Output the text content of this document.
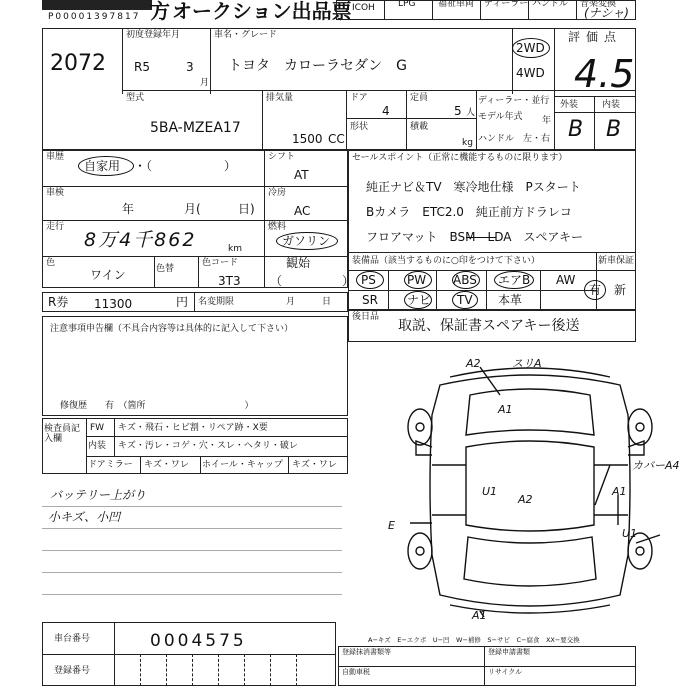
P00001397817 方 オークション出品票 ICOH	LPG	福祉車両 ディーラー ハンドル 音楽変換
(ナシャ)
2072
初度登録年月
R5	3
月
車名・グレード
トヨタ　カローラセダン　G
2WD
4WD
評価点
4.5
外装	内装
B B
型式
5BA-MZEA17
排気量
1500 CC
ドア
4
定員
5 人
形状	積載
kg
ディーラー・並行
モデル年式 年
ハンドル　左・右
車歴
自家用 ・（　　　　　　）
シフト
AT
車検
年	月(	日)
冷房
AC
走行
8万4千862	km
燃料
ガソリン
色
ワイン	色替
色コード
3T3
観始
（　　　　　）
セールスポイント（正常に機能するものに限ります）
純正ナビ＆TV　寒冷地仕様　Pスタート
Bカメラ　ETC2.0　純正前方ドラレコ
フロアマット　BSM　LDA　スペアキー
装備品（該当するものに○印をつけて下さい）	新車保証
PS	PW ABS エアB AW
SR ナビ TV 本革
有 新
R券 11300	円 名変期限	月	日
後日品
取説、保証書スペアキー後送
注意事項申告欄（不具合内容等は具体的に記入して下さい）
修復歴　　有　（箇所　　　　　　　　　　　）
検査員記入欄
FW キズ・飛石・ヒビ割・リペア跡・X要
内装 キズ・汚レ・コゲ・穴・スレ・ヘタリ・破レ
ドアミラー キズ・ワレ ホイール・キャップ キズ・ワレ
バッテリー上がり
小キズ、小凹
A2	スリA
A1
U1
A2
A1
U1
E
A1
カバーA4
A−キズ　E−エクボ　U−凹　W−補修　S−サビ　C−腐食　XX−要交換
車台番号	0004575
登録番号
登録抹消書類等	登録申請書類
自動車税	リサイクル
